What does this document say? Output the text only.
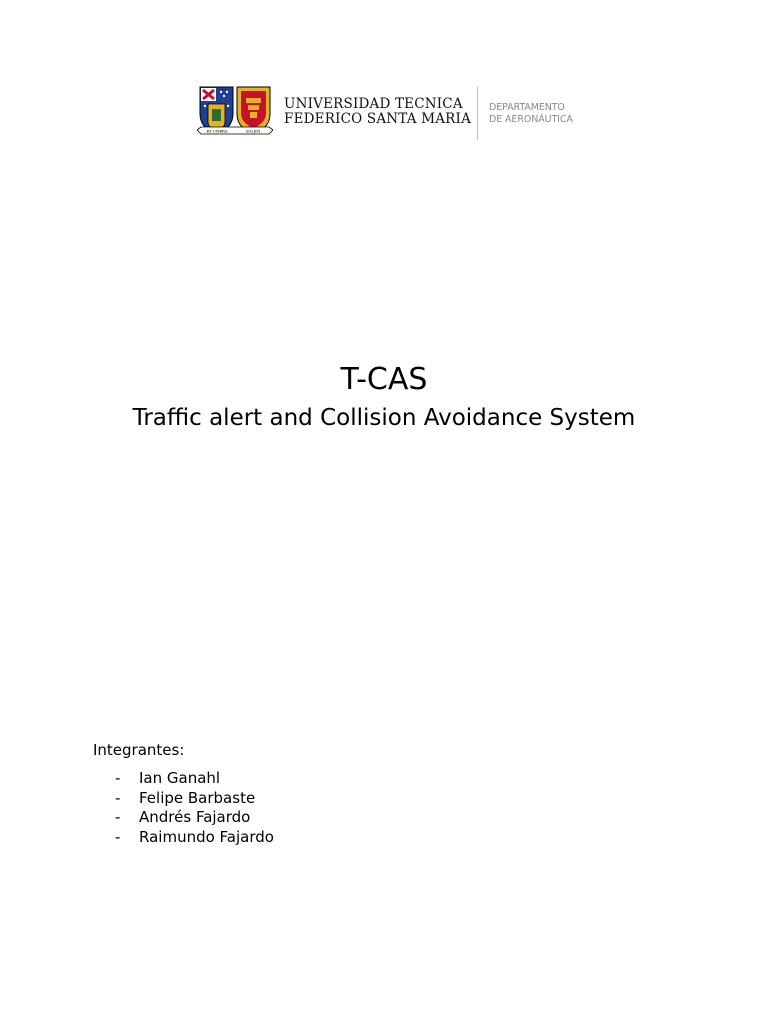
EX UMBRA	SOLEM
UNIVERSIDAD TECNICA
FEDERICO SANTA MARIA
DEPARTAMENTO
DE AERONÁUTICA
T-CAS
Traffic alert and Collision Avoidance System
Integrantes:
- Ian Ganahl
- Felipe Barbaste
- Andrés Fajardo
- Raimundo Fajardo
